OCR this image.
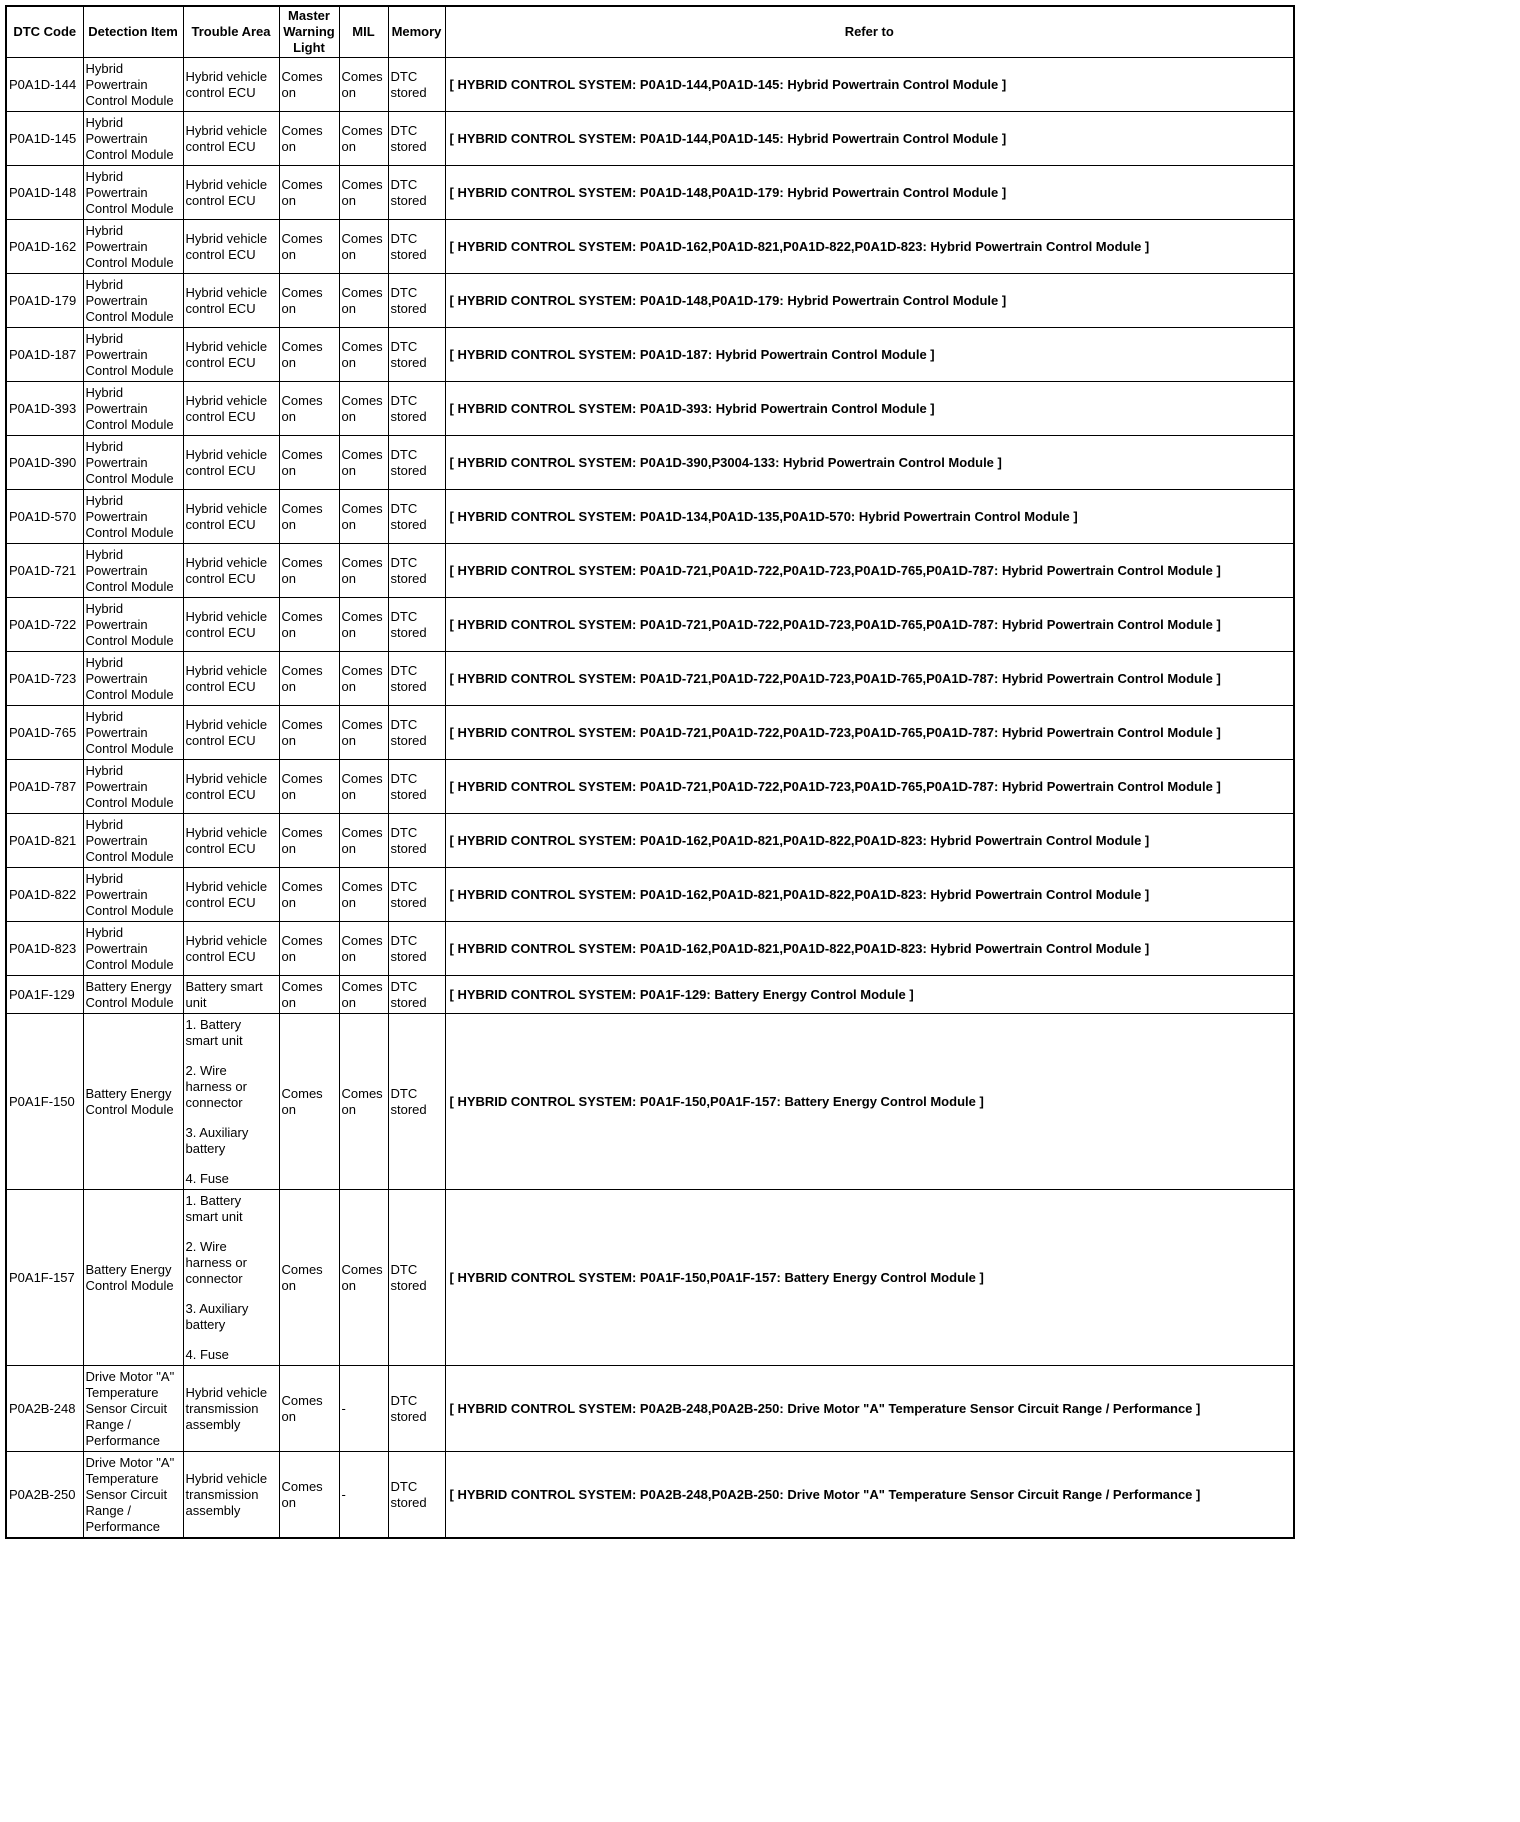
DTC Code	Detection Item	Trouble Area	Master Warning Light	MIL	Memory	Refer to
P0A1D-144	Hybrid Powertrain Control Module	Hybrid vehicle control ECU	Comes on	Comes on	DTC stored	[ HYBRID CONTROL SYSTEM: P0A1D-144,P0A1D-145: Hybrid Powertrain Control Module ]
P0A1D-145	Hybrid Powertrain Control Module	Hybrid vehicle control ECU	Comes on	Comes on	DTC stored	[ HYBRID CONTROL SYSTEM: P0A1D-144,P0A1D-145: Hybrid Powertrain Control Module ]
P0A1D-148	Hybrid Powertrain Control Module	Hybrid vehicle control ECU	Comes on	Comes on	DTC stored	[ HYBRID CONTROL SYSTEM: P0A1D-148,P0A1D-179: Hybrid Powertrain Control Module ]
P0A1D-162	Hybrid Powertrain Control Module	Hybrid vehicle control ECU	Comes on	Comes on	DTC stored	[ HYBRID CONTROL SYSTEM: P0A1D-162,P0A1D-821,P0A1D-822,P0A1D-823: Hybrid Powertrain Control Module ]
P0A1D-179	Hybrid Powertrain Control Module	Hybrid vehicle control ECU	Comes on	Comes on	DTC stored	[ HYBRID CONTROL SYSTEM: P0A1D-148,P0A1D-179: Hybrid Powertrain Control Module ]
P0A1D-187	Hybrid Powertrain Control Module	Hybrid vehicle control ECU	Comes on	Comes on	DTC stored	[ HYBRID CONTROL SYSTEM: P0A1D-187: Hybrid Powertrain Control Module ]
P0A1D-393	Hybrid Powertrain Control Module	Hybrid vehicle control ECU	Comes on	Comes on	DTC stored	[ HYBRID CONTROL SYSTEM: P0A1D-393: Hybrid Powertrain Control Module ]
P0A1D-390	Hybrid Powertrain Control Module	Hybrid vehicle control ECU	Comes on	Comes on	DTC stored	[ HYBRID CONTROL SYSTEM: P0A1D-390,P3004-133: Hybrid Powertrain Control Module ]
P0A1D-570	Hybrid Powertrain Control Module	Hybrid vehicle control ECU	Comes on	Comes on	DTC stored	[ HYBRID CONTROL SYSTEM: P0A1D-134,P0A1D-135,P0A1D-570: Hybrid Powertrain Control Module ]
P0A1D-721	Hybrid Powertrain Control Module	Hybrid vehicle control ECU	Comes on	Comes on	DTC stored	[ HYBRID CONTROL SYSTEM: P0A1D-721,P0A1D-722,P0A1D-723,P0A1D-765,P0A1D-787: Hybrid Powertrain Control Module ]
P0A1D-722	Hybrid Powertrain Control Module	Hybrid vehicle control ECU	Comes on	Comes on	DTC stored	[ HYBRID CONTROL SYSTEM: P0A1D-721,P0A1D-722,P0A1D-723,P0A1D-765,P0A1D-787: Hybrid Powertrain Control Module ]
P0A1D-723	Hybrid Powertrain Control Module	Hybrid vehicle control ECU	Comes on	Comes on	DTC stored	[ HYBRID CONTROL SYSTEM: P0A1D-721,P0A1D-722,P0A1D-723,P0A1D-765,P0A1D-787: Hybrid Powertrain Control Module ]
P0A1D-765	Hybrid Powertrain Control Module	Hybrid vehicle control ECU	Comes on	Comes on	DTC stored	[ HYBRID CONTROL SYSTEM: P0A1D-721,P0A1D-722,P0A1D-723,P0A1D-765,P0A1D-787: Hybrid Powertrain Control Module ]
P0A1D-787	Hybrid Powertrain Control Module	Hybrid vehicle control ECU	Comes on	Comes on	DTC stored	[ HYBRID CONTROL SYSTEM: P0A1D-721,P0A1D-722,P0A1D-723,P0A1D-765,P0A1D-787: Hybrid Powertrain Control Module ]
P0A1D-821	Hybrid Powertrain Control Module	Hybrid vehicle control ECU	Comes on	Comes on	DTC stored	[ HYBRID CONTROL SYSTEM: P0A1D-162,P0A1D-821,P0A1D-822,P0A1D-823: Hybrid Powertrain Control Module ]
P0A1D-822	Hybrid Powertrain Control Module	Hybrid vehicle control ECU	Comes on	Comes on	DTC stored	[ HYBRID CONTROL SYSTEM: P0A1D-162,P0A1D-821,P0A1D-822,P0A1D-823: Hybrid Powertrain Control Module ]
P0A1D-823	Hybrid Powertrain Control Module	Hybrid vehicle control ECU	Comes on	Comes on	DTC stored	[ HYBRID CONTROL SYSTEM: P0A1D-162,P0A1D-821,P0A1D-822,P0A1D-823: Hybrid Powertrain Control Module ]
P0A1F-129	Battery Energy Control Module	Battery smart unit	Comes on	Comes on	DTC stored	[ HYBRID CONTROL SYSTEM: P0A1F-129: Battery Energy Control Module ]
P0A1F-150	Battery Energy Control Module	1. Battery smart unit
2. Wire harness or connector
3. Auxiliary battery
4. Fuse	Comes on	Comes on	DTC stored	[ HYBRID CONTROL SYSTEM: P0A1F-150,P0A1F-157: Battery Energy Control Module ]
P0A1F-157	Battery Energy Control Module	1. Battery smart unit
2. Wire harness or connector
3. Auxiliary battery
4. Fuse	Comes on	Comes on	DTC stored	[ HYBRID CONTROL SYSTEM: P0A1F-150,P0A1F-157: Battery Energy Control Module ]
P0A2B-248	Drive Motor "A" Temperature Sensor Circuit Range / Performance	Hybrid vehicle transmission assembly	Comes on	-	DTC stored	[ HYBRID CONTROL SYSTEM: P0A2B-248,P0A2B-250: Drive Motor "A" Temperature Sensor Circuit Range / Performance ]
P0A2B-250	Drive Motor "A" Temperature Sensor Circuit Range / Performance	Hybrid vehicle transmission assembly	Comes on	-	DTC stored	[ HYBRID CONTROL SYSTEM: P0A2B-248,P0A2B-250: Drive Motor "A" Temperature Sensor Circuit Range / Performance ]
